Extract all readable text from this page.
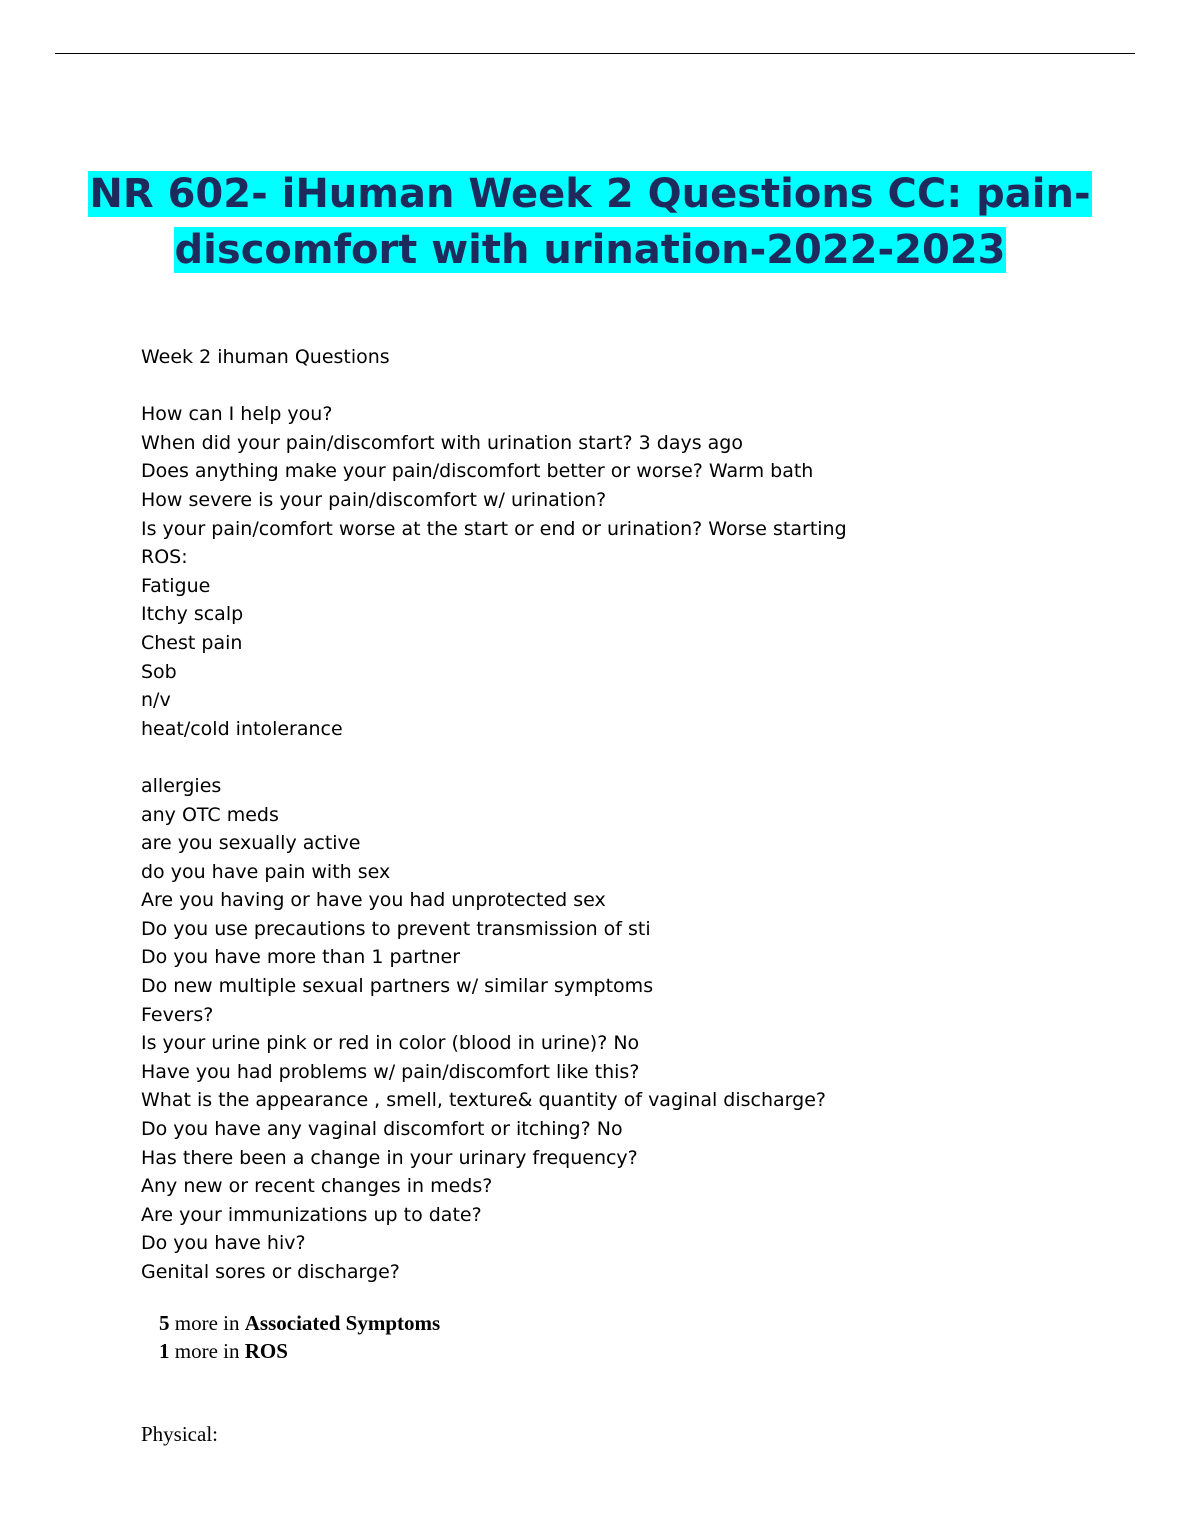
NR 602- iHuman Week 2 Questions CC: pain-
discomfort with urination-2022-2023
Week 2 ihuman Questions
How can I help you?
When did your pain/discomfort with urination start? 3 days ago
Does anything make your pain/discomfort better or worse? Warm bath
How severe is your pain/discomfort w/ urination?
Is your pain/comfort worse at the start or end or urination? Worse starting
ROS:
Fatigue
Itchy scalp
Chest pain
Sob
n/v
heat/cold intolerance
allergies
any OTC meds
are you sexually active
do you have pain with sex
Are you having or have you had unprotected sex
Do you use precautions to prevent transmission of sti
Do you have more than 1 partner
Do new multiple sexual partners w/ similar symptoms
Fevers?
Is your urine pink or red in color (blood in urine)? No
Have you had problems w/ pain/discomfort like this?
What is the appearance , smell, texture& quantity of vaginal discharge?
Do you have any vaginal discomfort or itching? No
Has there been a change in your urinary frequency?
Any new or recent changes in meds?
Are your immunizations up to date?
Do you have hiv?
Genital sores or discharge?
5 more in Associated Symptoms
1 more in ROS
Physical:
